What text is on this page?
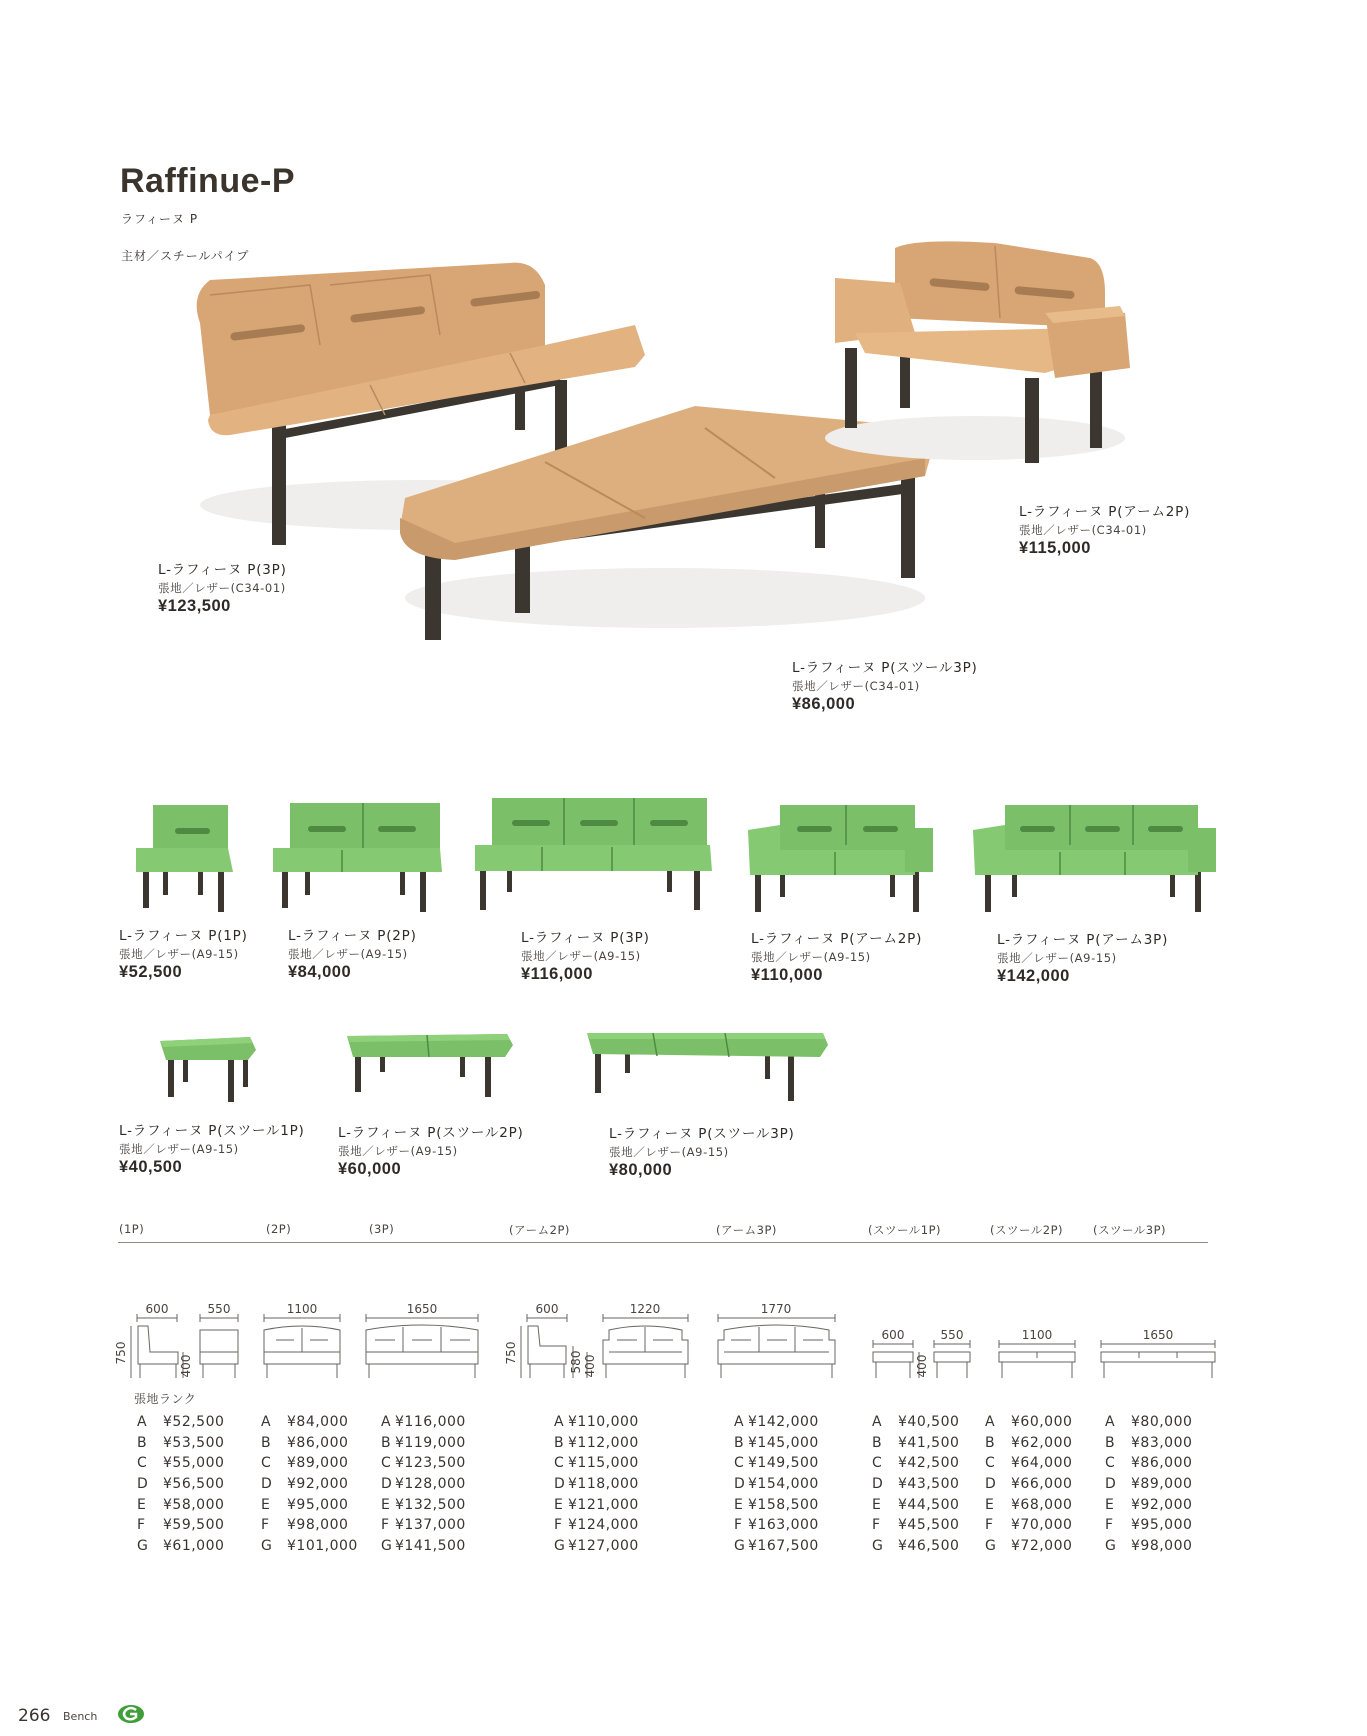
Raffinue-P
ラフィーヌ P
主材／スチールパイプ
L-ラフィーヌ P(3P)
張地／レザー(C34-01)
¥123,500
L-ラフィーヌ P(スツール3P)
張地／レザー(C34-01)
¥86,000
L-ラフィーヌ P(アーム2P)
張地／レザー(C34-01)
¥115,000
L-ラフィーヌ P(1P)
張地／レザー(A9-15)
¥52,500
L-ラフィーヌ P(2P)
張地／レザー(A9-15)
¥84,000
L-ラフィーヌ P(3P)
張地／レザー(A9-15)
¥116,000
L-ラフィーヌ P(アーム2P)
張地／レザー(A9-15)
¥110,000
L-ラフィーヌ P(アーム3P)
張地／レザー(A9-15)
¥142,000
L-ラフィーヌ P(スツール1P)
張地／レザー(A9-15)
¥40,500
L-ラフィーヌ P(スツール2P)
張地／レザー(A9-15)
¥60,000
L-ラフィーヌ P(スツール3P)
張地／レザー(A9-15)
¥80,000
(1P)	(2P)	(3P)	(アーム2P)	(アーム3P)	(スツール1P)	(スツール2P)	(スツール3P)
600	550
750
400
1100	1650	600
750	580 400
1220	1770
600	550
400
1100	1650
張地ランク
A	¥52,500
B	¥53,500
C	¥55,000
D	¥56,500
E	¥58,000
F	¥59,500
G	¥61,000
A	¥84,000
B	¥86,000
C	¥89,000
D	¥92,000
E	¥95,000
F	¥98,000
G	¥101,000
A ¥116,000
B ¥119,000
C ¥123,500
D ¥128,000
E ¥132,500
F ¥137,000
G ¥141,500
A ¥110,000
B ¥112,000
C ¥115,000
D ¥118,000
E ¥121,000
F ¥124,000
G ¥127,000
A ¥142,000
B ¥145,000
C ¥149,500
D ¥154,000
E ¥158,500
F ¥163,000
G ¥167,500
A	¥40,500
B	¥41,500
C	¥42,500
D	¥43,500
E	¥44,500
F	¥45,500
G	¥46,500
A	¥60,000
B	¥62,000
C	¥64,000
D	¥66,000
E	¥68,000
F	¥70,000
G	¥72,000
A	¥80,000
B	¥83,000
C	¥86,000
D	¥89,000
E	¥92,000
F	¥95,000
G	¥98,000
266 Bench
